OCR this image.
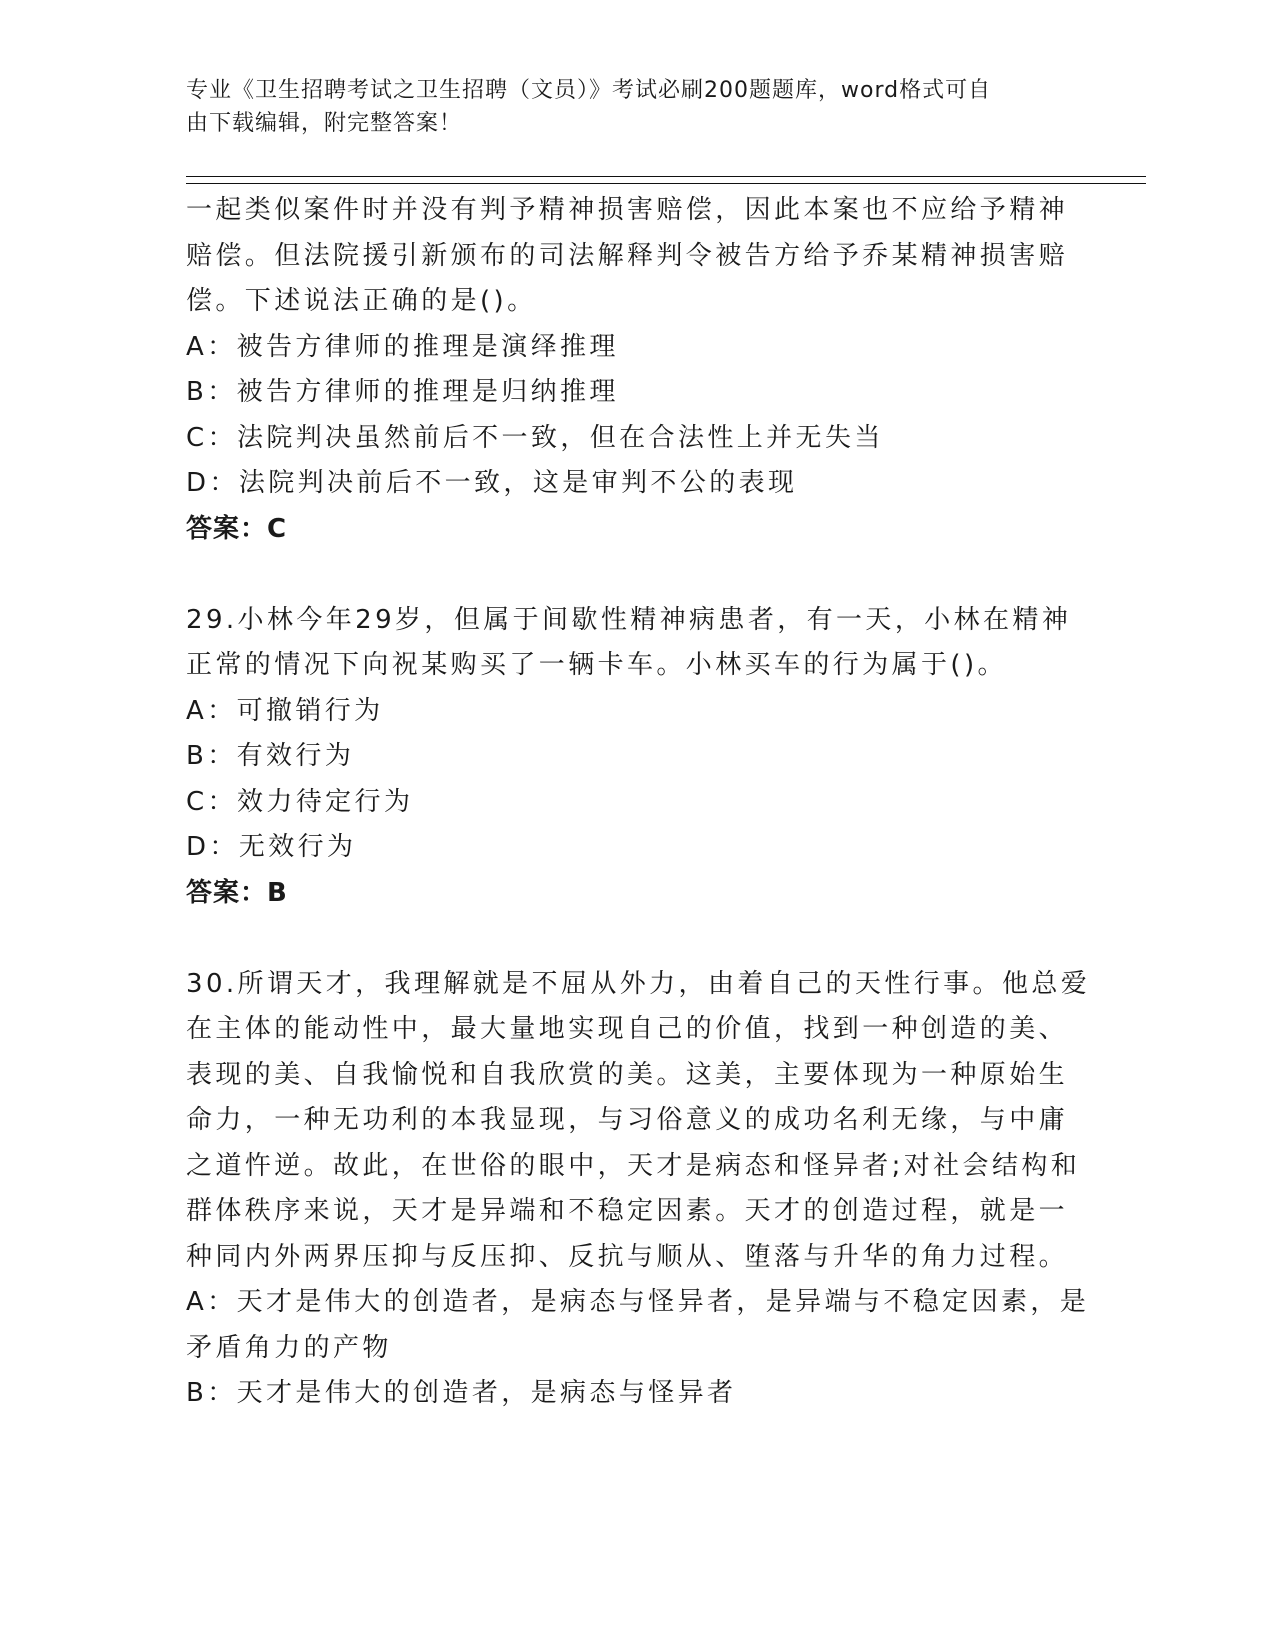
专业《卫生招聘考试之卫生招聘（文员）》考试必刷200题题库，word格式可自
由下载编辑，附完整答案！
一起类似案件时并没有判予精神损害赔偿，因此本案也不应给予精神
赔偿。但法院援引新颁布的司法解释判令被告方给予乔某精神损害赔
偿。下述说法正确的是()。
A：被告方律师的推理是演绎推理
B：被告方律师的推理是归纳推理
C：法院判决虽然前后不一致，但在合法性上并无失当
D：法院判决前后不一致，这是审判不公的表现
答案：C
29.小林今年29岁，但属于间歇性精神病患者，有一天，小林在精神
正常的情况下向祝某购买了一辆卡车。小林买车的行为属于()。
A：可撤销行为
B：有效行为
C：效力待定行为
D：无效行为
答案：B
30.所谓天才，我理解就是不屈从外力，由着自己的天性行事。他总爱
在主体的能动性中，最大量地实现自己的价值，找到一种创造的美、
表现的美、自我愉悦和自我欣赏的美。这美，主要体现为一种原始生
命力，一种无功利的本我显现，与习俗意义的成功名利无缘，与中庸
之道忤逆。故此，在世俗的眼中，天才是病态和怪异者;对社会结构和
群体秩序来说，天才是异端和不稳定因素。天才的创造过程，就是一
种同内外两界压抑与反压抑、反抗与顺从、堕落与升华的角力过程。
A：天才是伟大的创造者，是病态与怪异者，是异端与不稳定因素，是
矛盾角力的产物
B：天才是伟大的创造者，是病态与怪异者
